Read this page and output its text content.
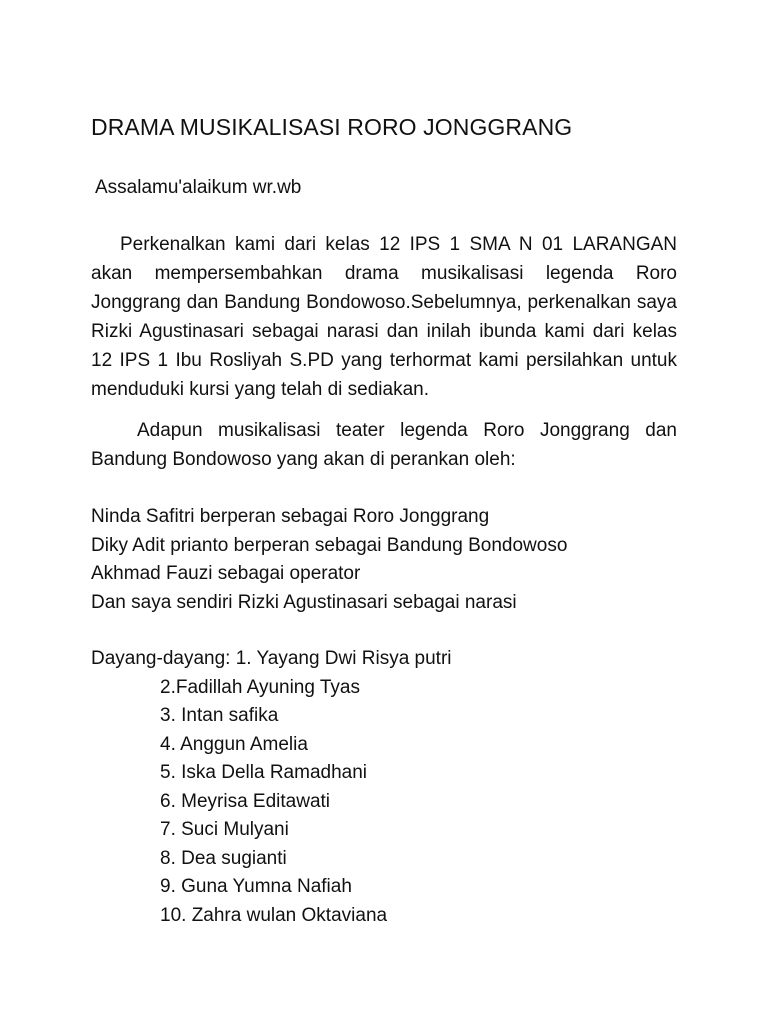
DRAMA MUSIKALISASI RORO JONGGRANG

Assalamu'alaikum wr.wb

Perkenalkan kami dari kelas 12 IPS 1 SMA N 01 LARANGAN akan mempersembahkan drama musikalisasi legenda Roro Jonggrang dan Bandung Bondowoso.Sebelumnya, perkenalkan saya Rizki Agustinasari sebagai narasi dan inilah ibunda kami dari kelas 12 IPS 1 Ibu Rosliyah S.PD yang terhormat kami persilahkan untuk menduduki kursi yang telah di sediakan.

Adapun musikalisasi teater legenda Roro Jonggrang dan Bandung Bondowoso yang akan di perankan oleh:

Ninda Safitri berperan sebagai Roro Jonggrang
Diky Adit prianto berperan sebagai Bandung Bondowoso
Akhmad Fauzi sebagai operator
Dan saya sendiri Rizki Agustinasari sebagai narasi
Dayang-dayang: 1. Yayang Dwi Risya putri
2.Fadillah Ayuning Tyas
3. Intan safika
4. Anggun Amelia
5. Iska Della Ramadhani
6. Meyrisa Editawati
7. Suci Mulyani
8. Dea sugianti
9. Guna Yumna Nafiah
10. Zahra wulan Oktaviana
